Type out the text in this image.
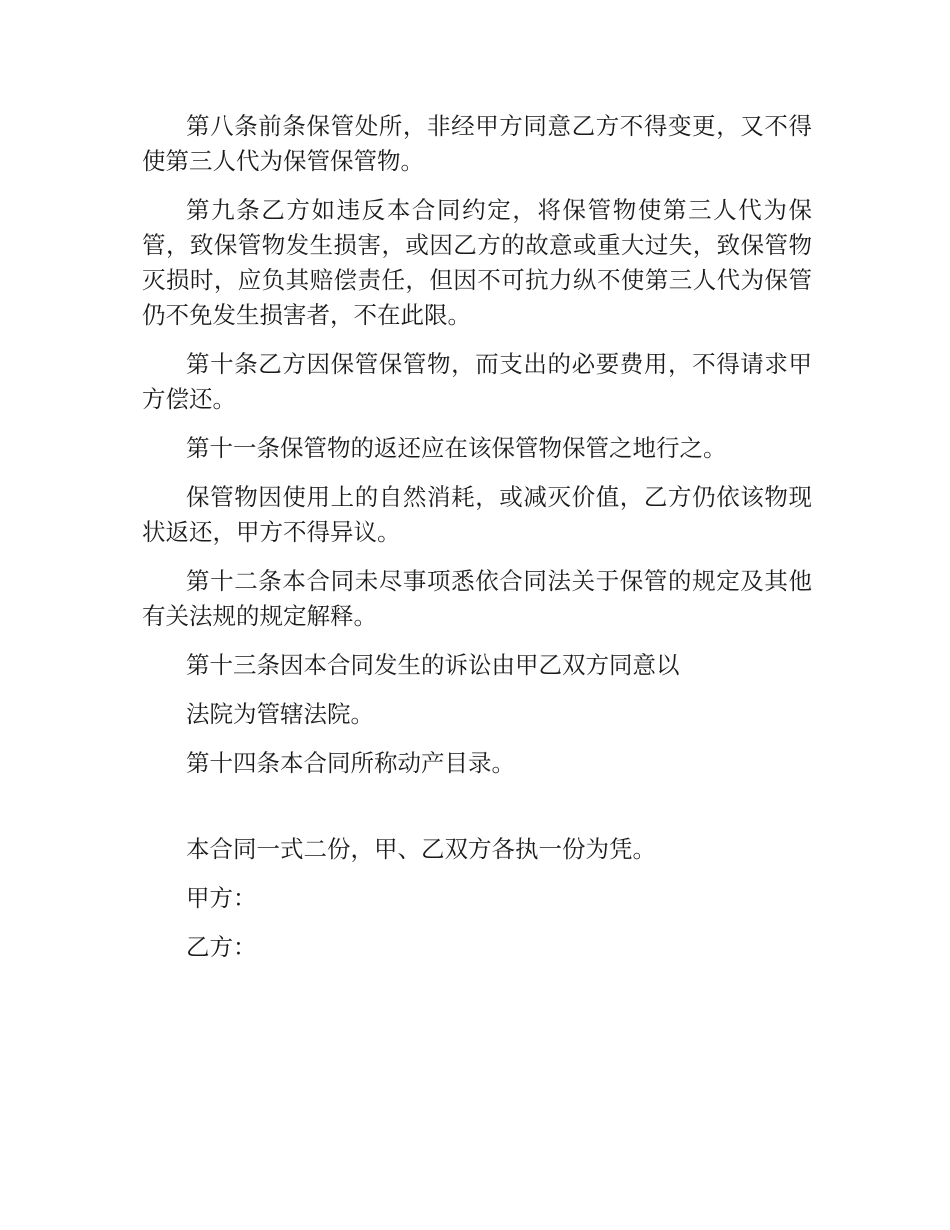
第八条前条保管处所，非经甲方同意乙方不得变更，又不得使第三人代为保管保管物。

第九条乙方如违反本合同约定，将保管物使第三人代为保管，致保管物发生损害，或因乙方的故意或重大过失，致保管物灭损时，应负其赔偿责任，但因不可抗力纵不使第三人代为保管仍不免发生损害者，不在此限。

第十条乙方因保管保管物，而支出的必要费用，不得请求甲方偿还。

第十一条保管物的返还应在该保管物保管之地行之。

保管物因使用上的自然消耗，或减灭价值，乙方仍依该物现状返还，甲方不得异议。

第十二条本合同未尽事项悉依合同法关于保管的规定及其他有关法规的规定解释。

第十三条因本合同发生的诉讼由甲乙双方同意以

法院为管辖法院。

第十四条本合同所称动产目录。

本合同一式二份，甲、乙双方各执一份为凭。

甲方：

乙方：
